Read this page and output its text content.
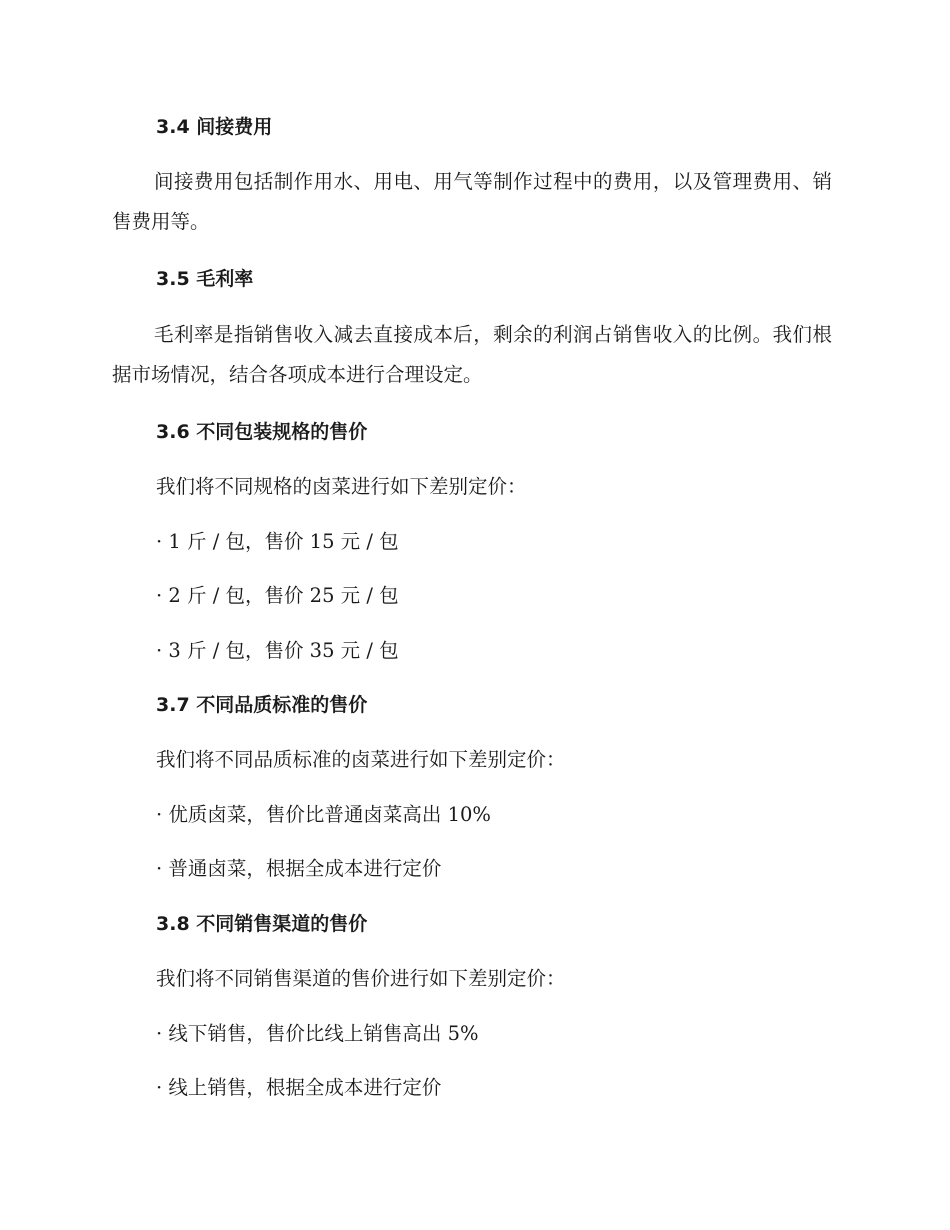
3.4 间接费用
间接费用包括制作用水、用电、用气等制作过程中的费用，以及管理费用、销售费用等。
3.5 毛利率
毛利率是指销售收入减去直接成本后，剩余的利润占销售收入的比例。我们根据市场情况，结合各项成本进行合理设定。
3.6 不同包装规格的售价
我们将不同规格的卤菜进行如下差别定价：
· 1 斤 / 包，售价 15 元 / 包
· 2 斤 / 包，售价 25 元 / 包
· 3 斤 / 包，售价 35 元 / 包
3.7 不同品质标准的售价
我们将不同品质标准的卤菜进行如下差别定价：
· 优质卤菜，售价比普通卤菜高出 10%
· 普通卤菜，根据全成本进行定价
3.8 不同销售渠道的售价
我们将不同销售渠道的售价进行如下差别定价：
· 线下销售，售价比线上销售高出 5%
· 线上销售，根据全成本进行定价
